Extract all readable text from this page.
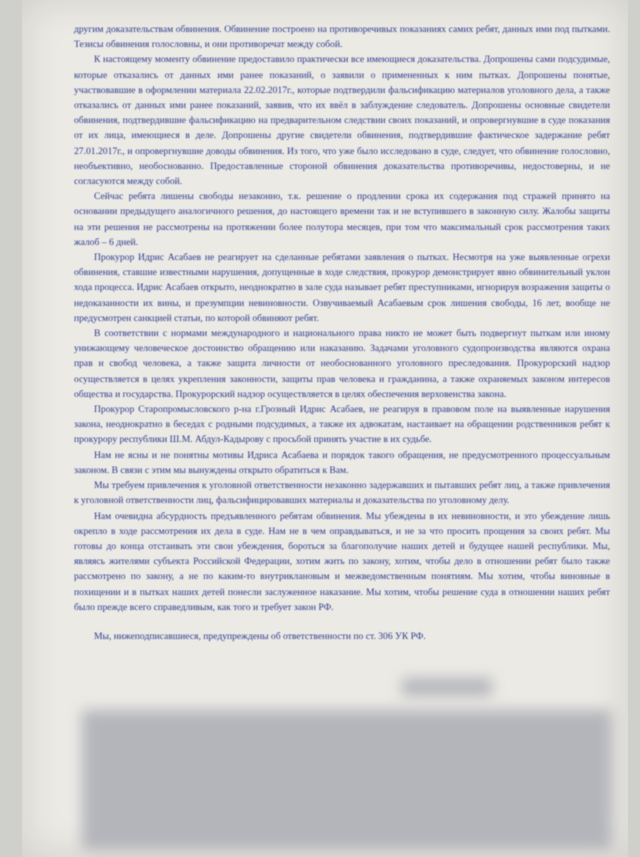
другим доказательствам обвинения. Обвинение построено на противоречивых показаниях самих ребят, данных ими под пытками. Тезисы обвинения голословны, и они противоречат между собой.

К настоящему моменту обвинение предоставило практически все имеющиеся доказательства. Допрошены сами подсудимые, которые отказались от данных ими ранее показаний, о заявили о примененных к ним пытках. Допрошены понятые, участвовавшие в оформлении материала 22.02.2017г., которые подтвердили фальсификацию материалов уголовного дела, а также отказались от данных ими ранее показаний, заявив, что их ввёл в заблуждение следователь. Допрошены основные свидетели обвинения, подтвердившие фальсификацию на предварительном следствии своих показаний, и опровергнувшие в суде показания от их лица, имеющиеся в деле. Допрошены другие свидетели обвинения, подтвердившие фактическое задержание ребят 27.01.2017г., и опровергнувшие доводы обвинения. Из того, что уже было исследовано в суде, следует, что обвинение голословно, необъективно, необоснованно. Предоставленные стороной обвинения доказательства противоречивы, недостоверны, и не согласуются между собой.

Сейчас ребята лишены свободы незаконно, т.к. решение о продлении срока их содержания под стражей принято на основании предыдущего аналогичного решения, до настоящего времени так и не вступившего в законную силу. Жалобы защиты на эти решения не рассмотрены на протяжении более полутора месяцев, при том что максимальный срок рассмотрения таких жалоб – 6 дней.

Прокурор Идрис Асабаев не реагирует на сделанные ребятами заявления о пытках. Несмотря на уже выявленные огрехи обвинения, ставшие известными нарушения, допущенные в ходе следствия, прокурор демонстрирует явно обвинительный уклон хода процесса. Идрис Асабаев открыто, неоднократно в зале суда называет ребят преступниками, игнорируя возражения защиты о недоказанности их вины, и презумпции невиновности. Озвучиваемый Асабаевым срок лишения свободы, 16 лет, вообще не предусмотрен санкцией статьи, по которой обвиняют ребят.

В соответствии с нормами международного и национального права никто не может быть подвергнут пыткам или иному унижающему человеческое достоинство обращению или наказанию. Задачами уголовного судопроизводства являются охрана прав и свобод человека, а также защита личности от необоснованного уголовного преследования. Прокурорский надзор осуществляется в целях укрепления законности, защиты прав человека и гражданина, а также охраняемых законом интересов общества и государства. Прокурорский надзор осуществляется в целях обеспечения верховенства закона.

Прокурор Старопромысловского р-на г.Грозный Идрис Асабаев, не реагируя в правовом поле на выявленные нарушения закона, неоднократно в беседах с родными подсудимых, а также их адвокатам, настаивает на обращении родственников ребят к прокурору республики Ш.М. Абдул-Кадырову с просьбой принять участие в их судьбе.

Нам не ясны и не понятны мотивы Идриса Асабаева и порядок такого обращения, не предусмотренного процессуальным законом. В связи с этим мы вынуждены открыто обратиться к Вам.

Мы требуем привлечения к уголовной ответственности незаконно задержавших и пытавших ребят лиц, а также привлечения к уголовной ответственности лиц, фальсифицировавших материалы и доказательства по уголовному делу.

Нам очевидна абсурдность предъявленного ребятам обвинения. Мы убеждены в их невиновности, и это убеждение лишь окрепло в ходе рассмотрения их дела в суде. Нам не в чем оправдываться, и не за что просить прощения за своих ребят. Мы готовы до конца отстаивать эти свои убеждения, бороться за благополучие наших детей и будущее нашей республики. Мы, являясь жителями субъекта Российской Федерации, хотим жить по закону, хотим, чтобы дело в отношении ребят было также рассмотрено по закону, а не по каким-то внутриклановым и межведомственным понятиям. Мы хотим, чтобы виновные в похищении и в пытках наших детей понесли заслуженное наказание. Мы хотим, чтобы решение суда в отношении наших ребят было прежде всего справедливым, как того и требует закон РФ.

Мы, нижеподписавшиеся, предупреждены об ответственности по ст. 306 УК РФ.
